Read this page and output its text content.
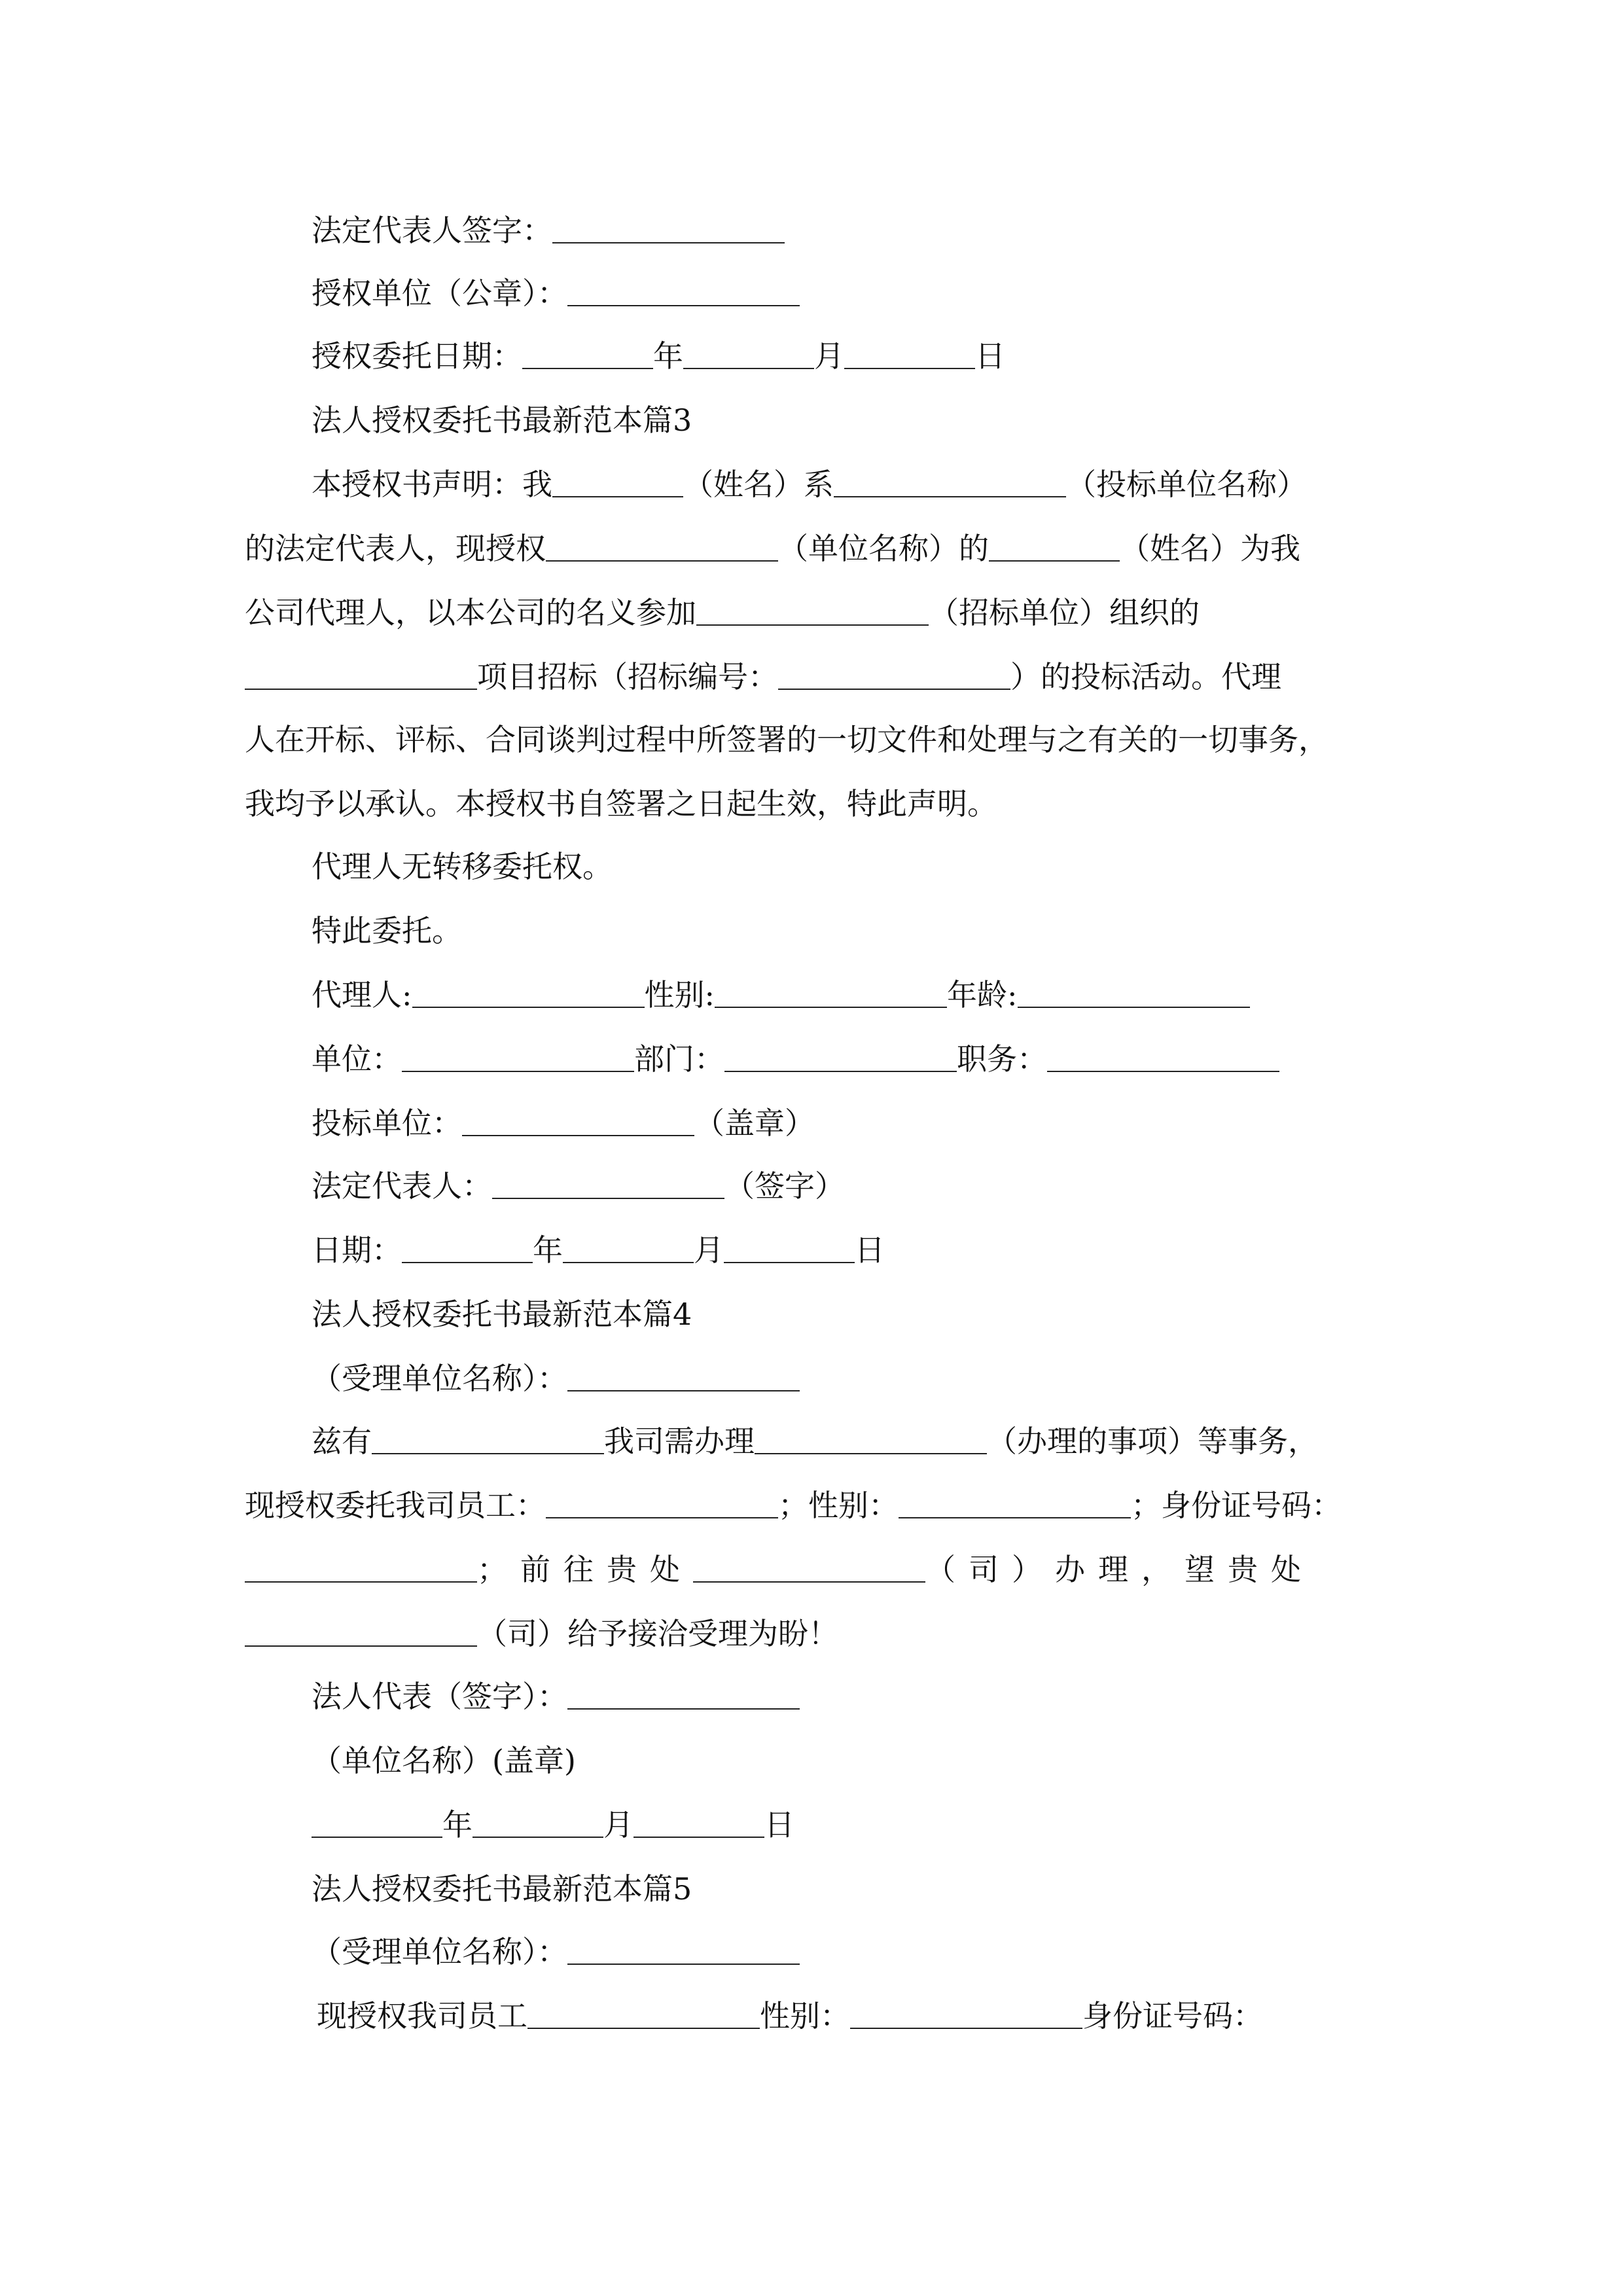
法定代表人签字：
授权单位（公章）：
授权委托日期：	年	月	日
法人授权委托书最新范本篇3
本授权书声明：我	（姓名）系	（投标单位名称）
的法定代表人，现授权	（单位名称）的	（姓名）为我
公司代理人，以本公司的名义参加	（招标单位）组织的
项目招标（招标编号：	）的投标活动。代理
人在开标、评标、合同谈判过程中所签署的一切文件和处理与之有关的一切事务，
我均予以承认。本授权书自签署之日起生效，特此声明。
代理人无转移委托权。
特此委托。
代理人:	性别:	年龄:
单位：	部门：	职务：
投标单位：	（盖章）
法定代表人：	（签字）
日期：	年	月	日
法人授权委托书最新范本篇4
（受理单位名称）：
兹有	我司需办理	（办理的事项）等事务，
现授权委托我司员工：	；性别：	；身份证号码：
；前往贵处	（司）办理，望贵处
（司）给予接洽受理为盼！
法人代表（签字）：
（单位名称）(盖章)
年	月	日
法人授权委托书最新范本篇5
（受理单位名称）：
现授权我司员工	性别：	身份证号码：
